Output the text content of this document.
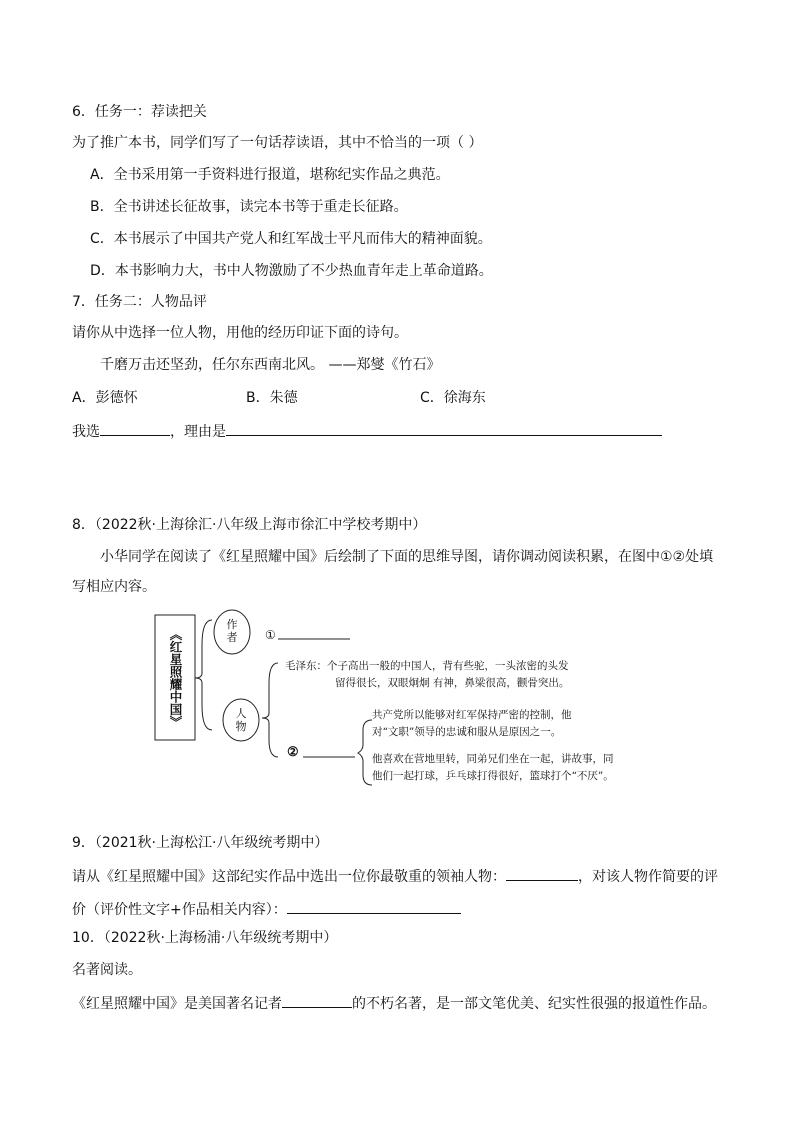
6．任务一：荐读把关
为了推广本书，同学们写了一句话荐读语，其中不恰当的一项（ ）
A．全书采用第一手资料进行报道，堪称纪实作品之典范。
B．全书讲述长征故事，读完本书等于重走长征路。
C．本书展示了中国共产党人和红军战士平凡而伟大的精神面貌。
D．本书影响力大，书中人物激励了不少热血青年走上革命道路。
7．任务二：人物品评
请你从中选择一位人物，用他的经历印证下面的诗句。
千磨万击还坚劲，任尔东西南北风。 ——郑燮《竹石》
A．彭德怀	B．朱德	C．徐海东
我选	，理由是
8．（2022秋·上海徐汇·八年级上海市徐汇中学校考期中）
小华同学在阅读了《红星照耀中国》后绘制了下面的思维导图，请你调动阅读积累，在图中①②处填
写相应内容。
《红星照耀中国》
作者
人物
①
②
毛泽东：个子高出一般的中国人，背有些驼，一头浓密的头发
留得很长，双眼炯炯 有神，鼻梁很高，颧骨突出。
共产党所以能够对红军保持严密的控制，他
对“文职”领导的忠诚和服从是原因之一。
他喜欢在营地里转，同弟兄们坐在一起，讲故事，同
他们一起打球，乒乓球打得很好，篮球打个“不厌”。
9．（2021秋·上海松江·八年级统考期中）
请从《红星照耀中国》这部纪实作品中选出一位你最敬重的领袖人物：	，对该人物作简要的评
价（评价性文字+作品相关内容）：
10．（2022秋·上海杨浦·八年级统考期中）
名著阅读。
《红星照耀中国》是美国著名记者	的不朽名著，是一部文笔优美、纪实性很强的报道性作品。
